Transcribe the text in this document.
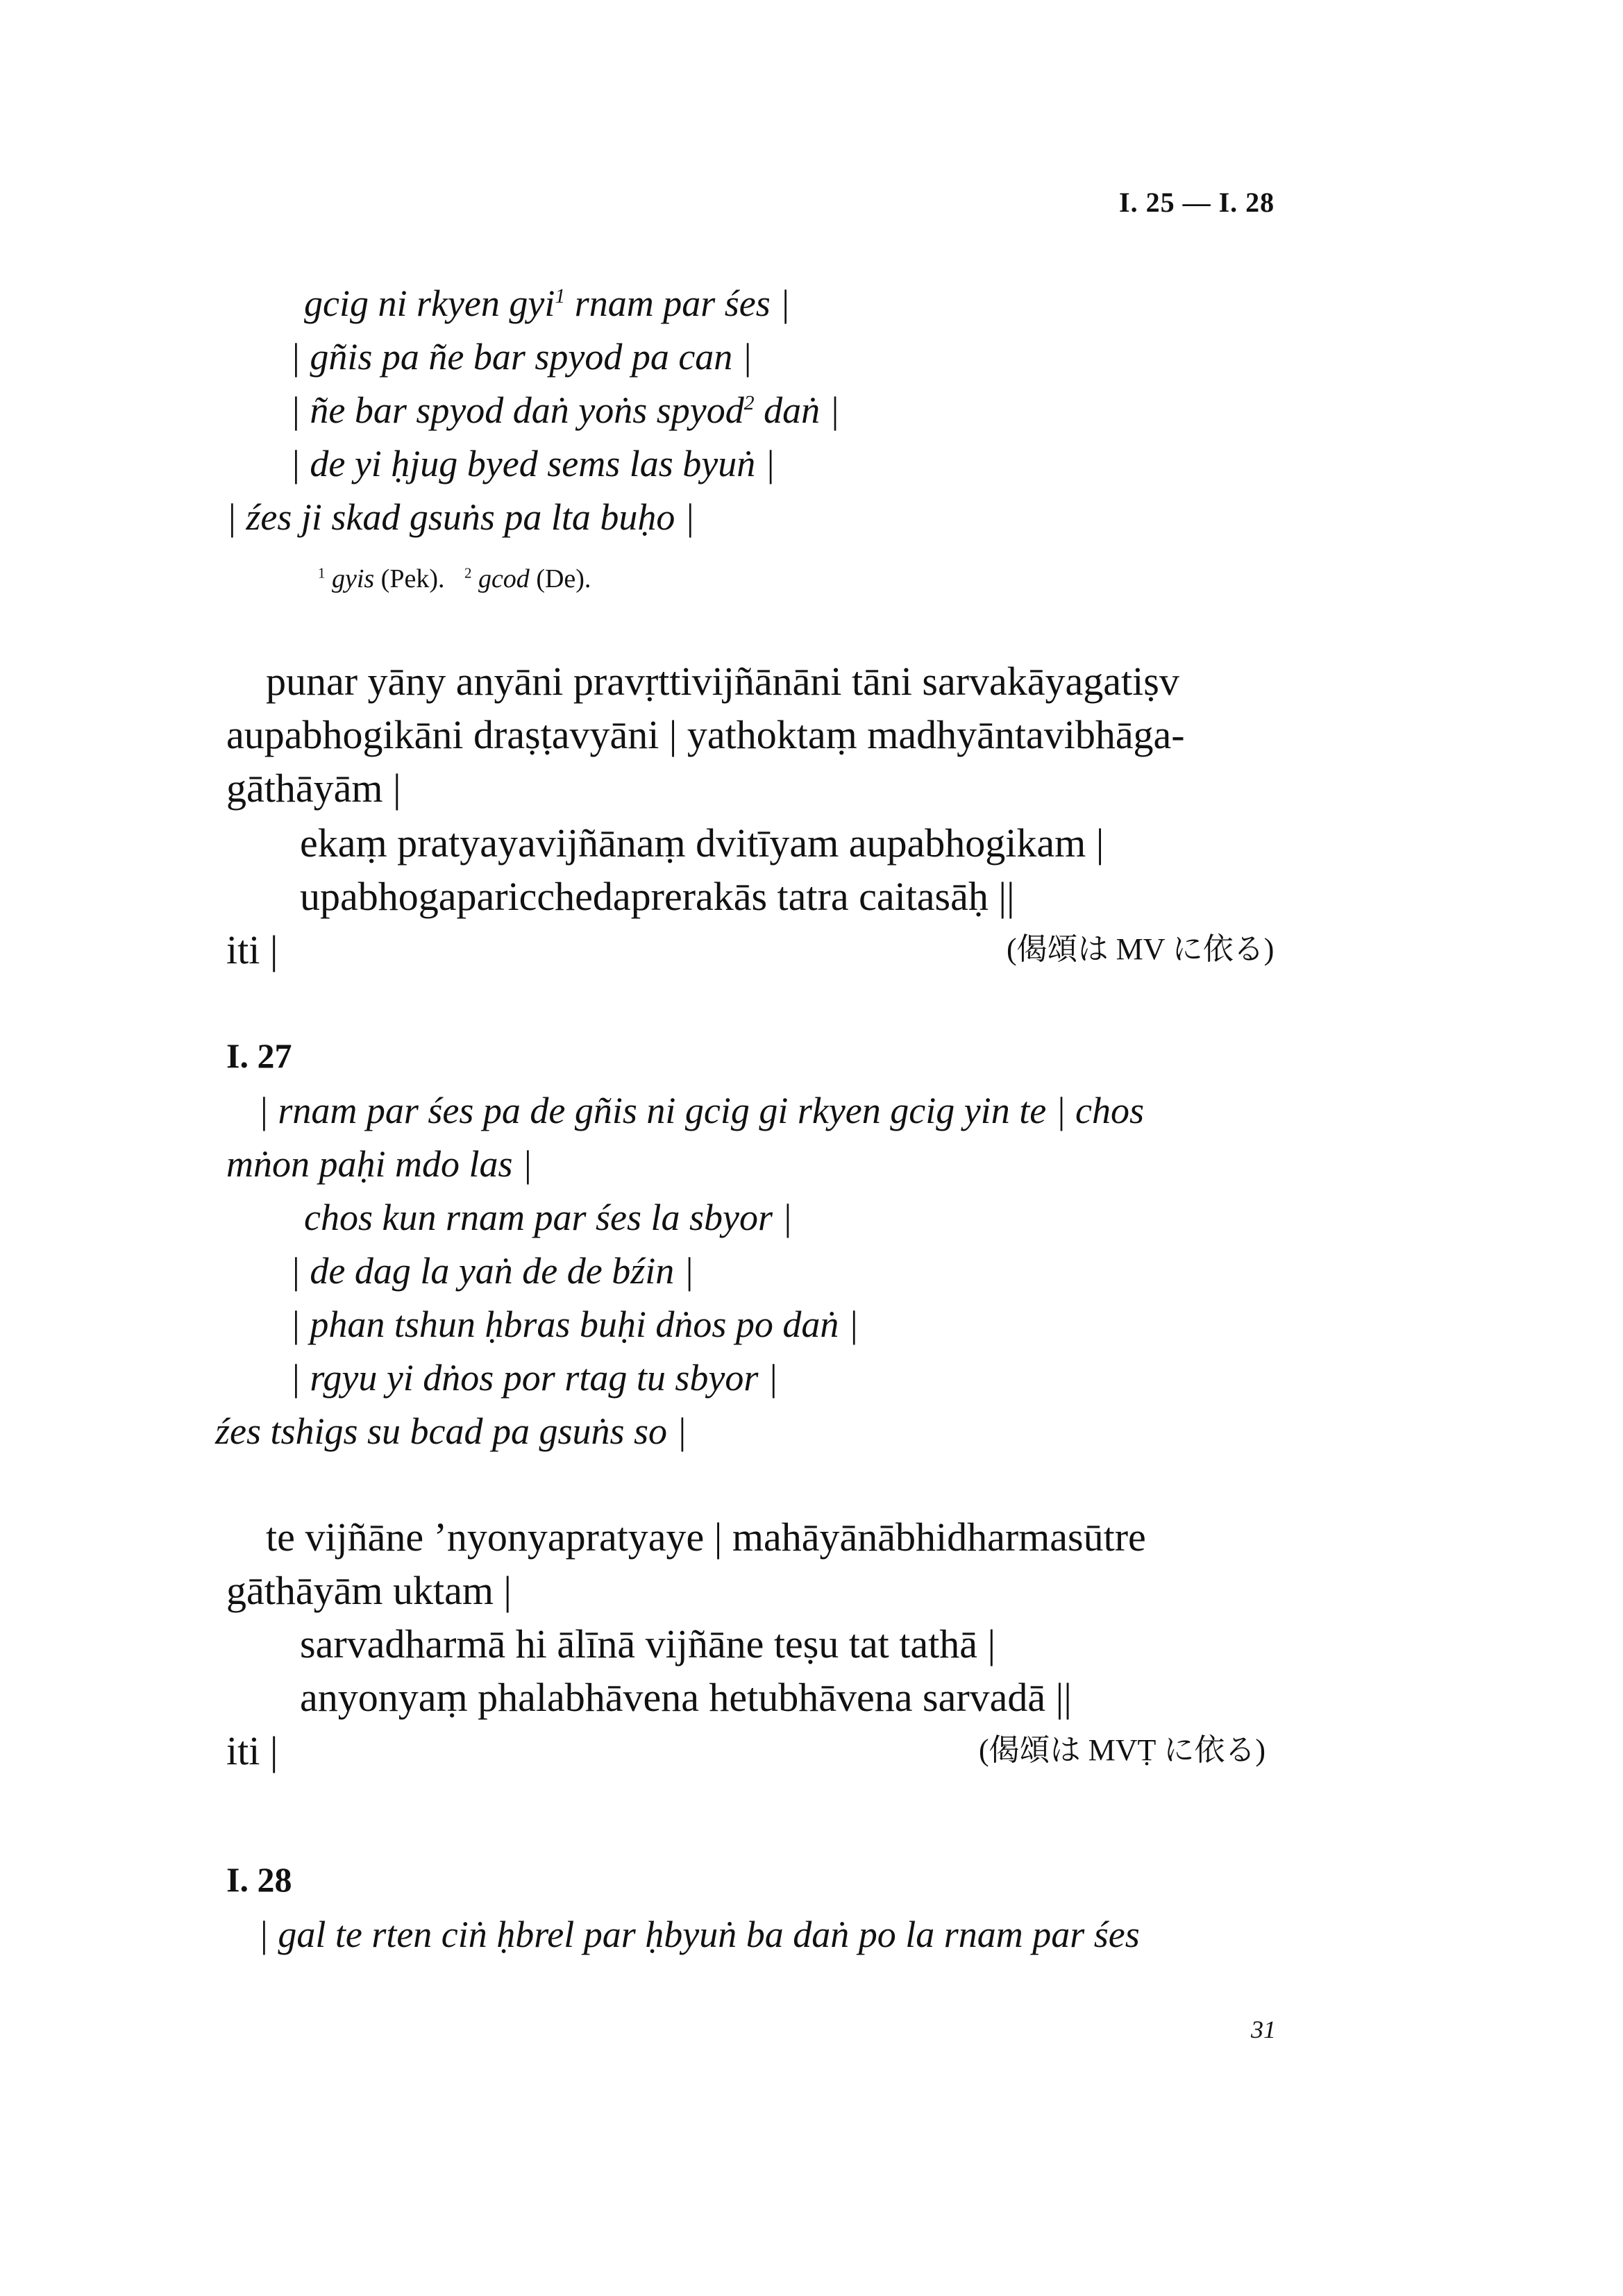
I. 25 — I. 28
gcig ni rkyen gyi$^1$ rnam par śes |
| gñis pa ñe bar spyod pa can |
| ñe bar spyod daṅ yoṅs spyod$^2$ daṅ |
| de yi ḥjug byed sems las byuṅ |
| źes ji skad gsuṅs pa lta buḥo |
$^1$ gyis (Pek). $^2$ gcod (De).
punar yāny anyāni pravṛttivijñānāni tāni sarvakāyagatiṣv
aupabhogikāni draṣṭavyāni | yathoktaṃ madhyāntavibhāga-
gāthāyām |
ekaṃ pratyayavijñānaṃ dvitīyam aupabhogikam |
upabhogaparicchedaprerakās tatra caitasāḥ ||
iti |	(偈頌は MV に依る)
I. 27
| rnam par śes pa de gñis ni gcig gi rkyen gcig yin te | chos
mṅon paḥi mdo las |
chos kun rnam par śes la sbyor |
| de dag la yaṅ de de bźin |
| phan tshun ḥbras buḥi dṅos po daṅ |
| rgyu yi dṅos por rtag tu sbyor |
źes tshigs su bcad pa gsuṅs so |
te vijñāne ’nyonyapratyaye | mahāyānābhidharmasūtre
gāthāyām uktam |
sarvadharmā hi ālīnā vijñāne teṣu tat tathā |
anyonyaṃ phalabhāvena hetubhāvena sarvadā ||
iti |	(偈頌は MVṬ に依る)
I. 28
| gal te rten ciṅ ḥbrel par ḥbyuṅ ba daṅ po la rnam par śes
31
